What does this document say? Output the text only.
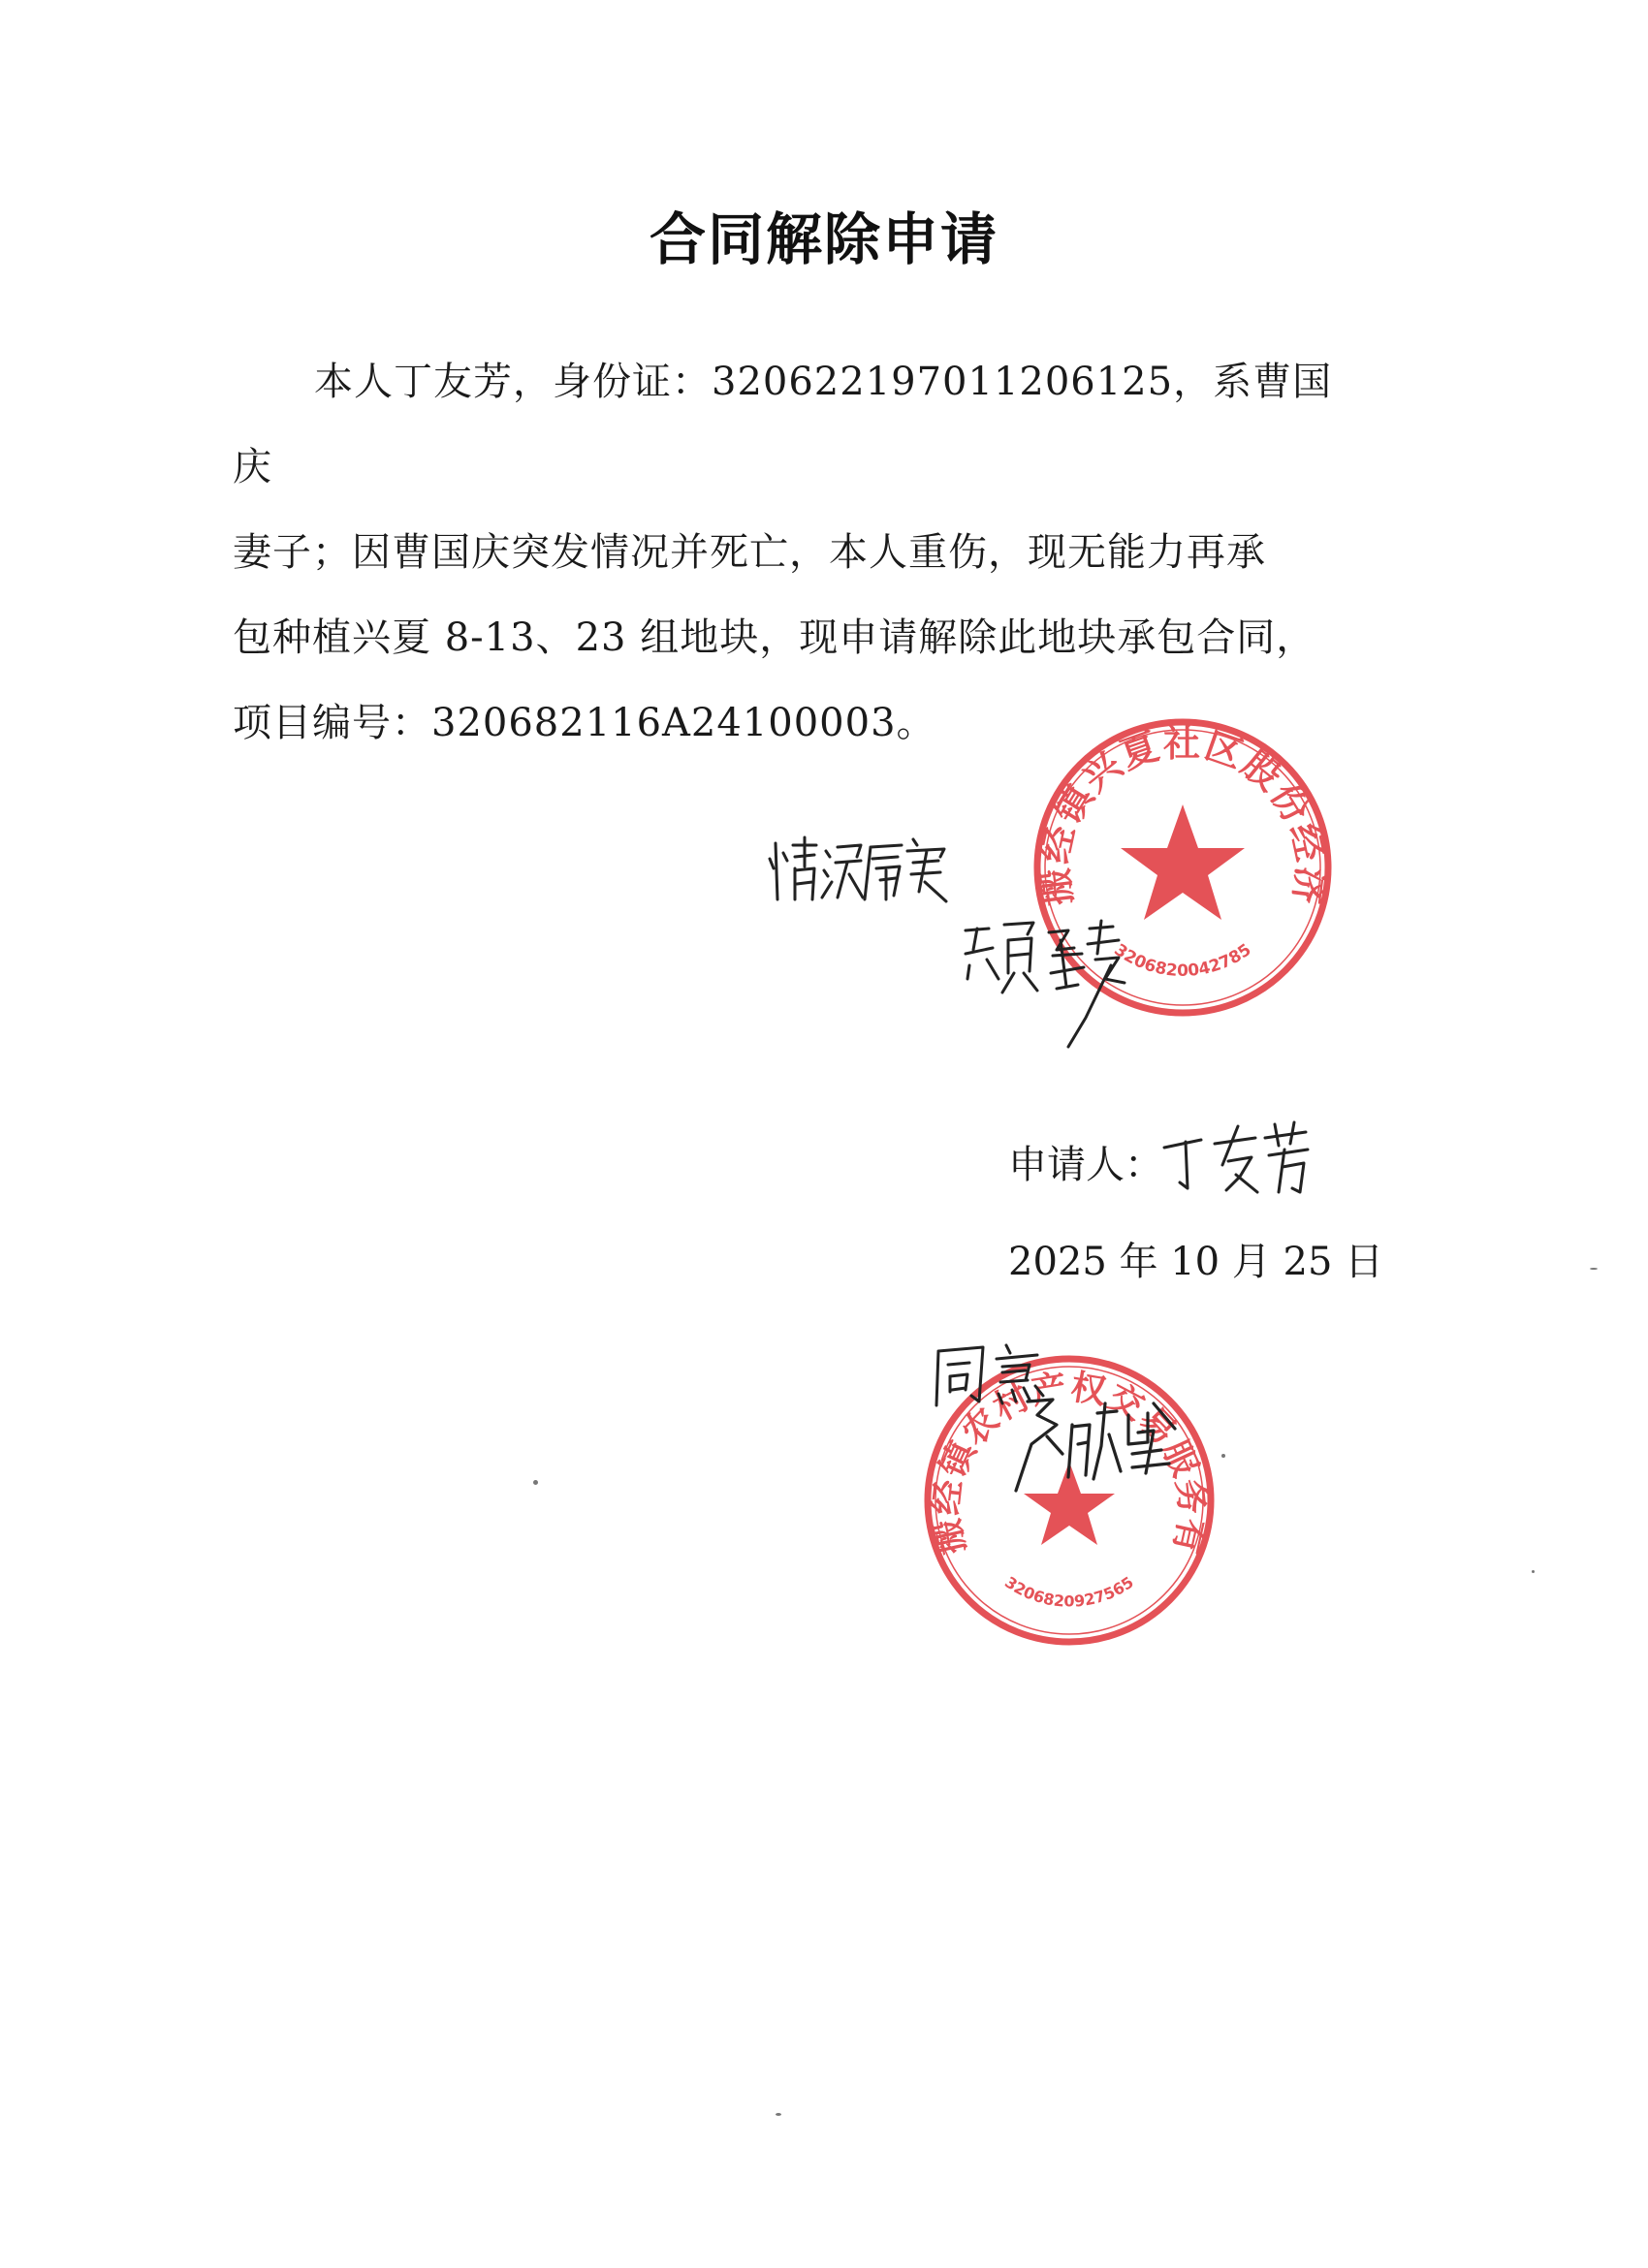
合同解除申请
本人丁友芳，身份证：320622197011206125，系曹国庆
妻子；因曹国庆突发情况并死亡，本人重伤，现无能力再承
包种植兴夏 8-13、23 组地块，现申请解除此地块承包合同，
项目编号：320682116A24100003。
如皋市搬经镇兴夏社区股份经济合作社
3206820042785
如皋市搬经镇农村产权交易服务有限公司
3206820927565
申请人：
2025 年 10 月 25 日
